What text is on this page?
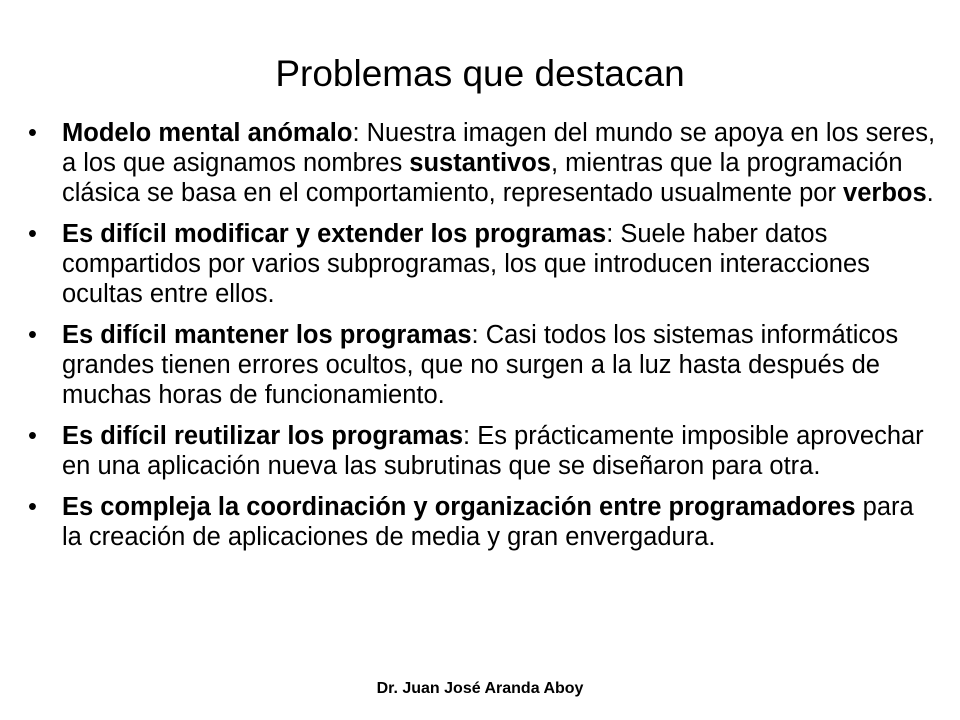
Problemas que destacan
• Modelo mental anómalo: Nuestra imagen del mundo se apoya en los seres, a los que asignamos nombres sustantivos, mientras que la programación clásica se basa en el comportamiento, representado usualmente por verbos.
• Es difícil modificar y extender los programas: Suele haber datos compartidos por varios subprogramas, los que introducen interacciones ocultas entre ellos.
• Es difícil mantener los programas: Casi todos los sistemas informáticos grandes tienen errores ocultos, que no surgen a la luz hasta después de muchas horas de funcionamiento.
• Es difícil reutilizar los programas: Es prácticamente imposible aprovechar en una aplicación nueva las subrutinas que se diseñaron para otra.
• Es compleja la coordinación y organización entre programadores para la creación de aplicaciones de media y gran envergadura.
Dr. Juan José Aranda Aboy
